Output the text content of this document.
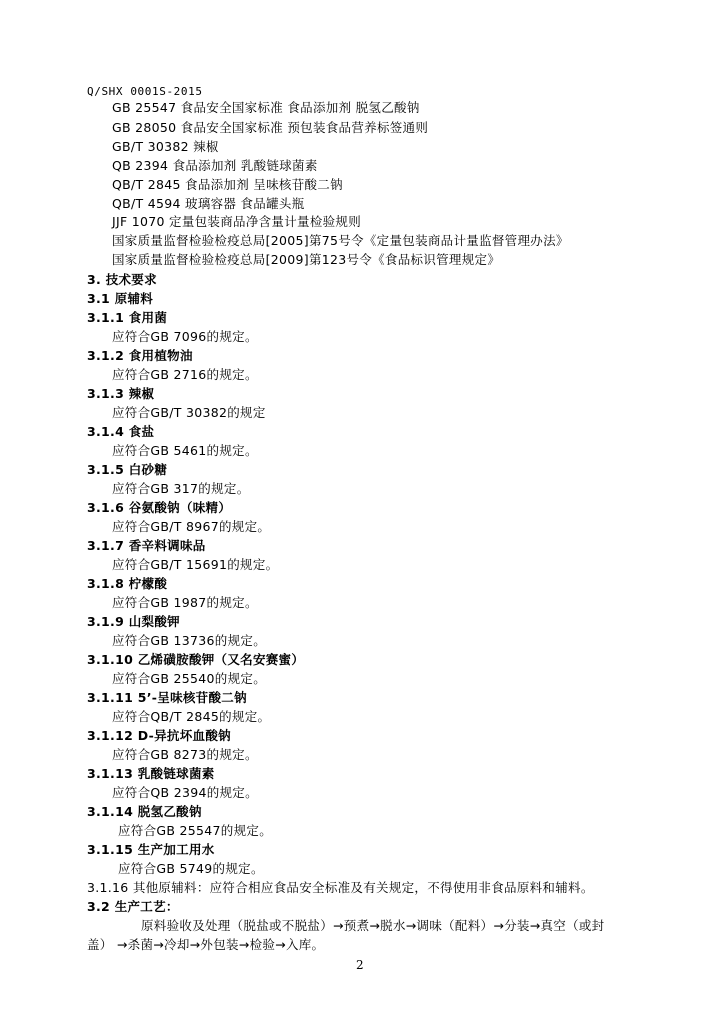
Q/SHX 0001S-2015
GB 25547 食品安全国家标准 食品添加剂 脱氢乙酸钠
GB 28050 食品安全国家标准 预包装食品营养标签通则
GB/T 30382 辣椒
QB 2394 食品添加剂 乳酸链球菌素
QB/T 2845 食品添加剂 呈味核苷酸二钠
QB/T 4594 玻璃容器 食品罐头瓶
JJF 1070 定量包装商品净含量计量检验规则
国家质量监督检验检疫总局[2005]第75号令《定量包装商品计量监督管理办法》
国家质量监督检验检疫总局[2009]第123号令《食品标识管理规定》
3. 技术要求
3.1 原辅料
3.1.1 食用菌
应符合GB 7096的规定。
3.1.2 食用植物油
应符合GB 2716的规定。
3.1.3 辣椒
应符合GB/T 30382的规定
3.1.4 食盐
应符合GB 5461的规定。
3.1.5 白砂糖
应符合GB 317的规定。
3.1.6 谷氨酸钠（味精）
应符合GB/T 8967的规定。
3.1.7 香辛料调味品
应符合GB/T 15691的规定。
3.1.8 柠檬酸
应符合GB 1987的规定。
3.1.9 山梨酸钾
应符合GB 13736的规定。
3.1.10 乙烯磺胺酸钾（又名安赛蜜）
应符合GB 25540的规定。
3.1.11 5’-呈味核苷酸二钠
应符合QB/T 2845的规定。
3.1.12 D-异抗坏血酸钠
应符合GB 8273的规定。
3.1.13 乳酸链球菌素
应符合QB 2394的规定。
3.1.14 脱氢乙酸钠
应符合GB 25547的规定。
3.1.15 生产加工用水
应符合GB 5749的规定。
3.1.16 其他原辅料：应符合相应食品安全标准及有关规定，不得使用非食品原料和辅料。
3.2 生产工艺：
原料验收及处理（脱盐或不脱盐）→预煮→脱水→调味（配料）→分装→真空（或封
盖） →杀菌→冷却→外包装→检验→入库。
2
